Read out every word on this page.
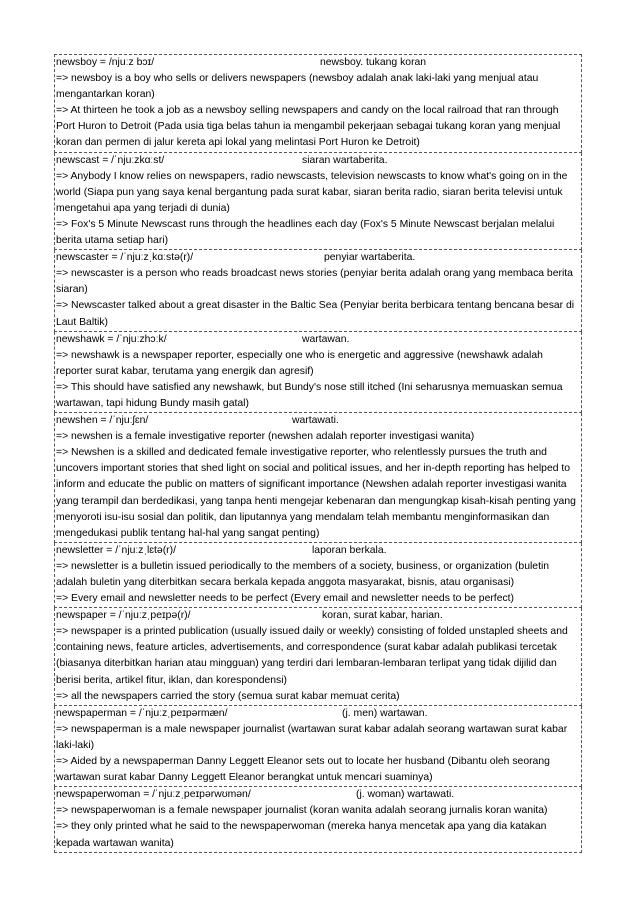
newsboy = /njuːz bɔɪ/	newsboy. tukang koran
=> newsboy is a boy who sells or delivers newspapers (newsboy adalah anak laki-laki yang menjual atau mengantarkan koran)
=> At thirteen he took a job as a newsboy selling newspapers and candy on the local railroad that ran through Port Huron to Detroit (Pada usia tiga belas tahun ia mengambil pekerjaan sebagai tukang koran yang menjual koran dan permen di jalur kereta api lokal yang melintasi Port Huron ke Detroit)
newscast = /ˈnjuːzkɑːst/	siaran wartaberita.
=> Anybody I know relies on newspapers, radio newscasts, television newscasts to know what's going on in the world (Siapa pun yang saya kenal bergantung pada surat kabar, siaran berita radio, siaran berita televisi untuk mengetahui apa yang terjadi di dunia)
=> Fox's 5 Minute Newscast runs through the headlines each day (Fox's 5 Minute Newscast berjalan melalui berita utama setiap hari)
newscaster = /ˈnjuːzˌkɑːstə(r)/	penyiar wartaberita.
=> newscaster is a person who reads broadcast news stories (penyiar berita adalah orang yang membaca berita siaran)
=> Newscaster talked about a great disaster in the Baltic Sea (Penyiar berita berbicara tentang bencana besar di Laut Baltik)
newshawk = /ˈnjuːzhɔːk/	wartawan.
=> newshawk is a newspaper reporter, especially one who is energetic and aggressive (newshawk adalah reporter surat kabar, terutama yang energik dan agresif)
=> This should have satisfied any newshawk, but Bundy's nose still itched (Ini seharusnya memuaskan semua wartawan, tapi hidung Bundy masih gatal)
newshen = /ˈnjuːʃɛn/	wartawati.
=> newshen is a female investigative reporter (newshen adalah reporter investigasi wanita)
=> Newshen is a skilled and dedicated female investigative reporter, who relentlessly pursues the truth and uncovers important stories that shed light on social and political issues, and her in-depth reporting has helped to inform and educate the public on matters of significant importance (Newshen adalah reporter investigasi wanita yang terampil dan berdedikasi, yang tanpa henti mengejar kebenaran dan mengungkap kisah-kisah penting yang menyoroti isu-isu sosial dan politik, dan liputannya yang mendalam telah membantu menginformasikan dan mengedukasi publik tentang hal-hal yang sangat penting)
newsletter = /ˈnjuːzˌlɛtə(r)/	laporan berkala.
=> newsletter is a bulletin issued periodically to the members of a society, business, or organization (buletin adalah buletin yang diterbitkan secara berkala kepada anggota masyarakat, bisnis, atau organisasi)
=> Every email and newsletter needs to be perfect (Every email and newsletter needs to be perfect)
newspaper = /ˈnjuːzˌpeɪpə(r)/	koran, surat kabar, harian.
=> newspaper is a printed publication (usually issued daily or weekly) consisting of folded unstapled sheets and containing news, feature articles, advertisements, and correspondence (surat kabar adalah publikasi tercetak (biasanya diterbitkan harian atau mingguan) yang terdiri dari lembaran-lembaran terlipat yang tidak dijilid dan berisi berita, artikel fitur, iklan, dan korespondensi)
=> all the newspapers carried the story (semua surat kabar memuat cerita)
newspaperman = /ˈnjuːzˌpeɪpərmæn/	(j. men) wartawan.
=> newspaperman is a male newspaper journalist (wartawan surat kabar adalah seorang wartawan surat kabar laki-laki)
=> Aided by a newspaperman Danny Leggett Eleanor sets out to locate her husband (Dibantu oleh seorang wartawan surat kabar Danny Leggett Eleanor berangkat untuk mencari suaminya)
newspaperwoman = /ˈnjuːzˌpeɪpərwʊmən/	(j. woman) wartawati.
=> newspaperwoman is a female newspaper journalist (koran wanita adalah seorang jurnalis koran wanita)
=> they only printed what he said to the newspaperwoman (mereka hanya mencetak apa yang dia katakan kepada wartawan wanita)
